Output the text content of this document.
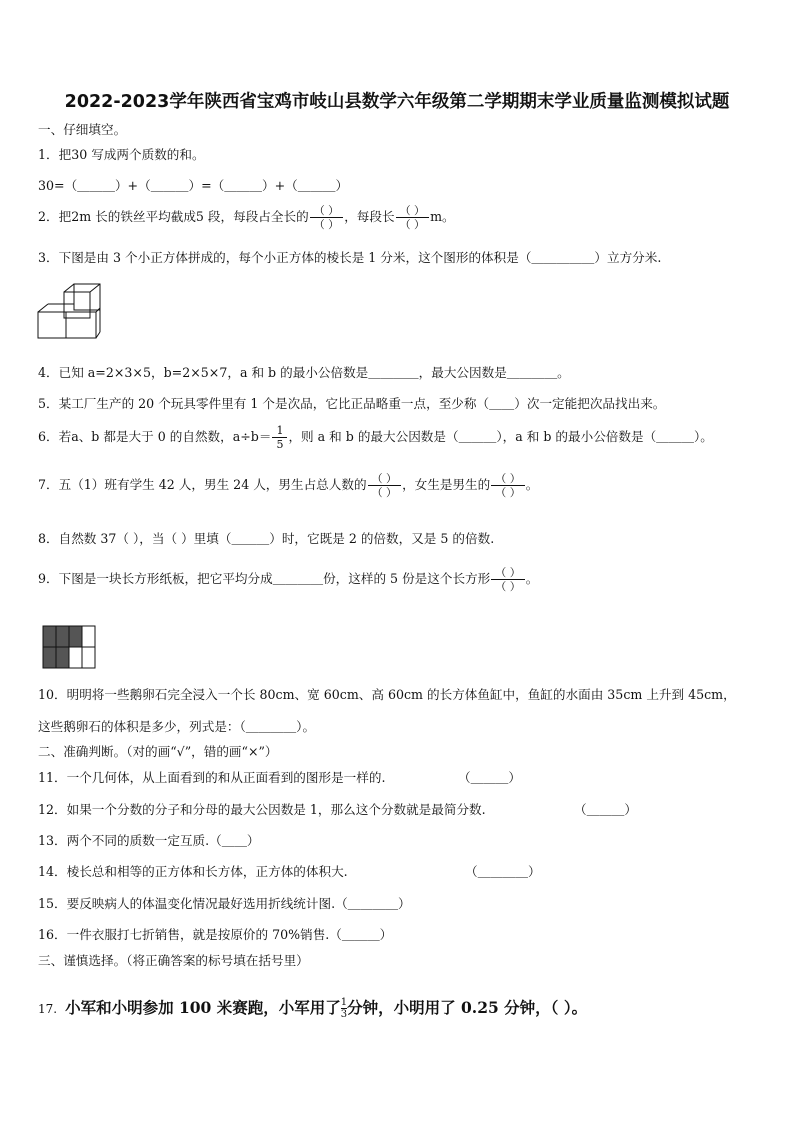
2022-2023学年陕西省宝鸡市岐山县数学六年级第二学期期末学业质量监测模拟试题
一、仔细填空。
1．把30 写成两个质数的和。
30=（＿＿＿）+（＿＿＿）=（＿＿＿）+（＿＿＿）
2．把2m 长的铁丝平均截成5 段，每段占全长的 $\frac{( )}{( )}$ ，每段长 $\frac{( )}{( )}$ m。
3．下图是由 3 个小正方体拼成的，每个小正方体的棱长是 1 分米，这个图形的体积是（＿＿＿＿＿）立方分米.
4．已知 a=2×3×5，b=2×5×7，a 和 b 的最小公倍数是＿＿＿＿，最大公因数是＿＿＿＿。
5．某工厂生产的 20 个玩具零件里有 1 个是次品，它比正品略重一点，至少称（＿＿）次一定能把次品找出来。
6．若a、b 都是大于 0 的自然数，$a\div b= \frac{1}{5}$ ，则 a 和 b 的最大公因数是（＿＿＿），a 和 b 的最小公倍数是（＿＿＿）。
7．五（1）班有学生 42 人，男生 24 人，男生占总人数的 $\frac{( )}{( )}$ ，女生是男生的 $\frac{( )}{( )}$ 。
8．自然数 37（ ），当（ ）里填（＿＿＿）时，它既是 2 的倍数，又是 5 的倍数.
9．下图是一块长方形纸板，把它平均分成＿＿＿＿份，这样的 5 份是这个长方形 $\frac{( )}{( )}$ 。
10．明明将一些鹅卵石完全浸入一个长 80cm、宽 60cm、高 60cm 的长方体鱼缸中，鱼缸的水面由 35cm 上升到 45cm，
这些鹅卵石的体积是多少，列式是：（＿＿＿＿）。
二、准确判断。（对的画“√”，错的画“×”）
11．一个几何体，从上面看到的和从正面看到的图形是一样的.	（＿＿＿）
12．如果一个分数的分子和分母的最大公因数是 1，那么这个分数就是最简分数.	（＿＿＿）
13．两个不同的质数一定互质.（＿＿）
14．棱长总和相等的正方体和长方体，正方体的体积大.	（＿＿＿＿）
15．要反映病人的体温变化情况最好选用折线统计图.（＿＿＿＿）
16．一件衣服打七折销售，就是按原价的 70%销售.（＿＿＿）
三、谨慎选择。（将正确答案的标号填在括号里）
17. 小军和小明参加 100 米赛跑，小军用了$\frac{1}{3}$分钟，小明用了 0.25 分钟，（ ）。
